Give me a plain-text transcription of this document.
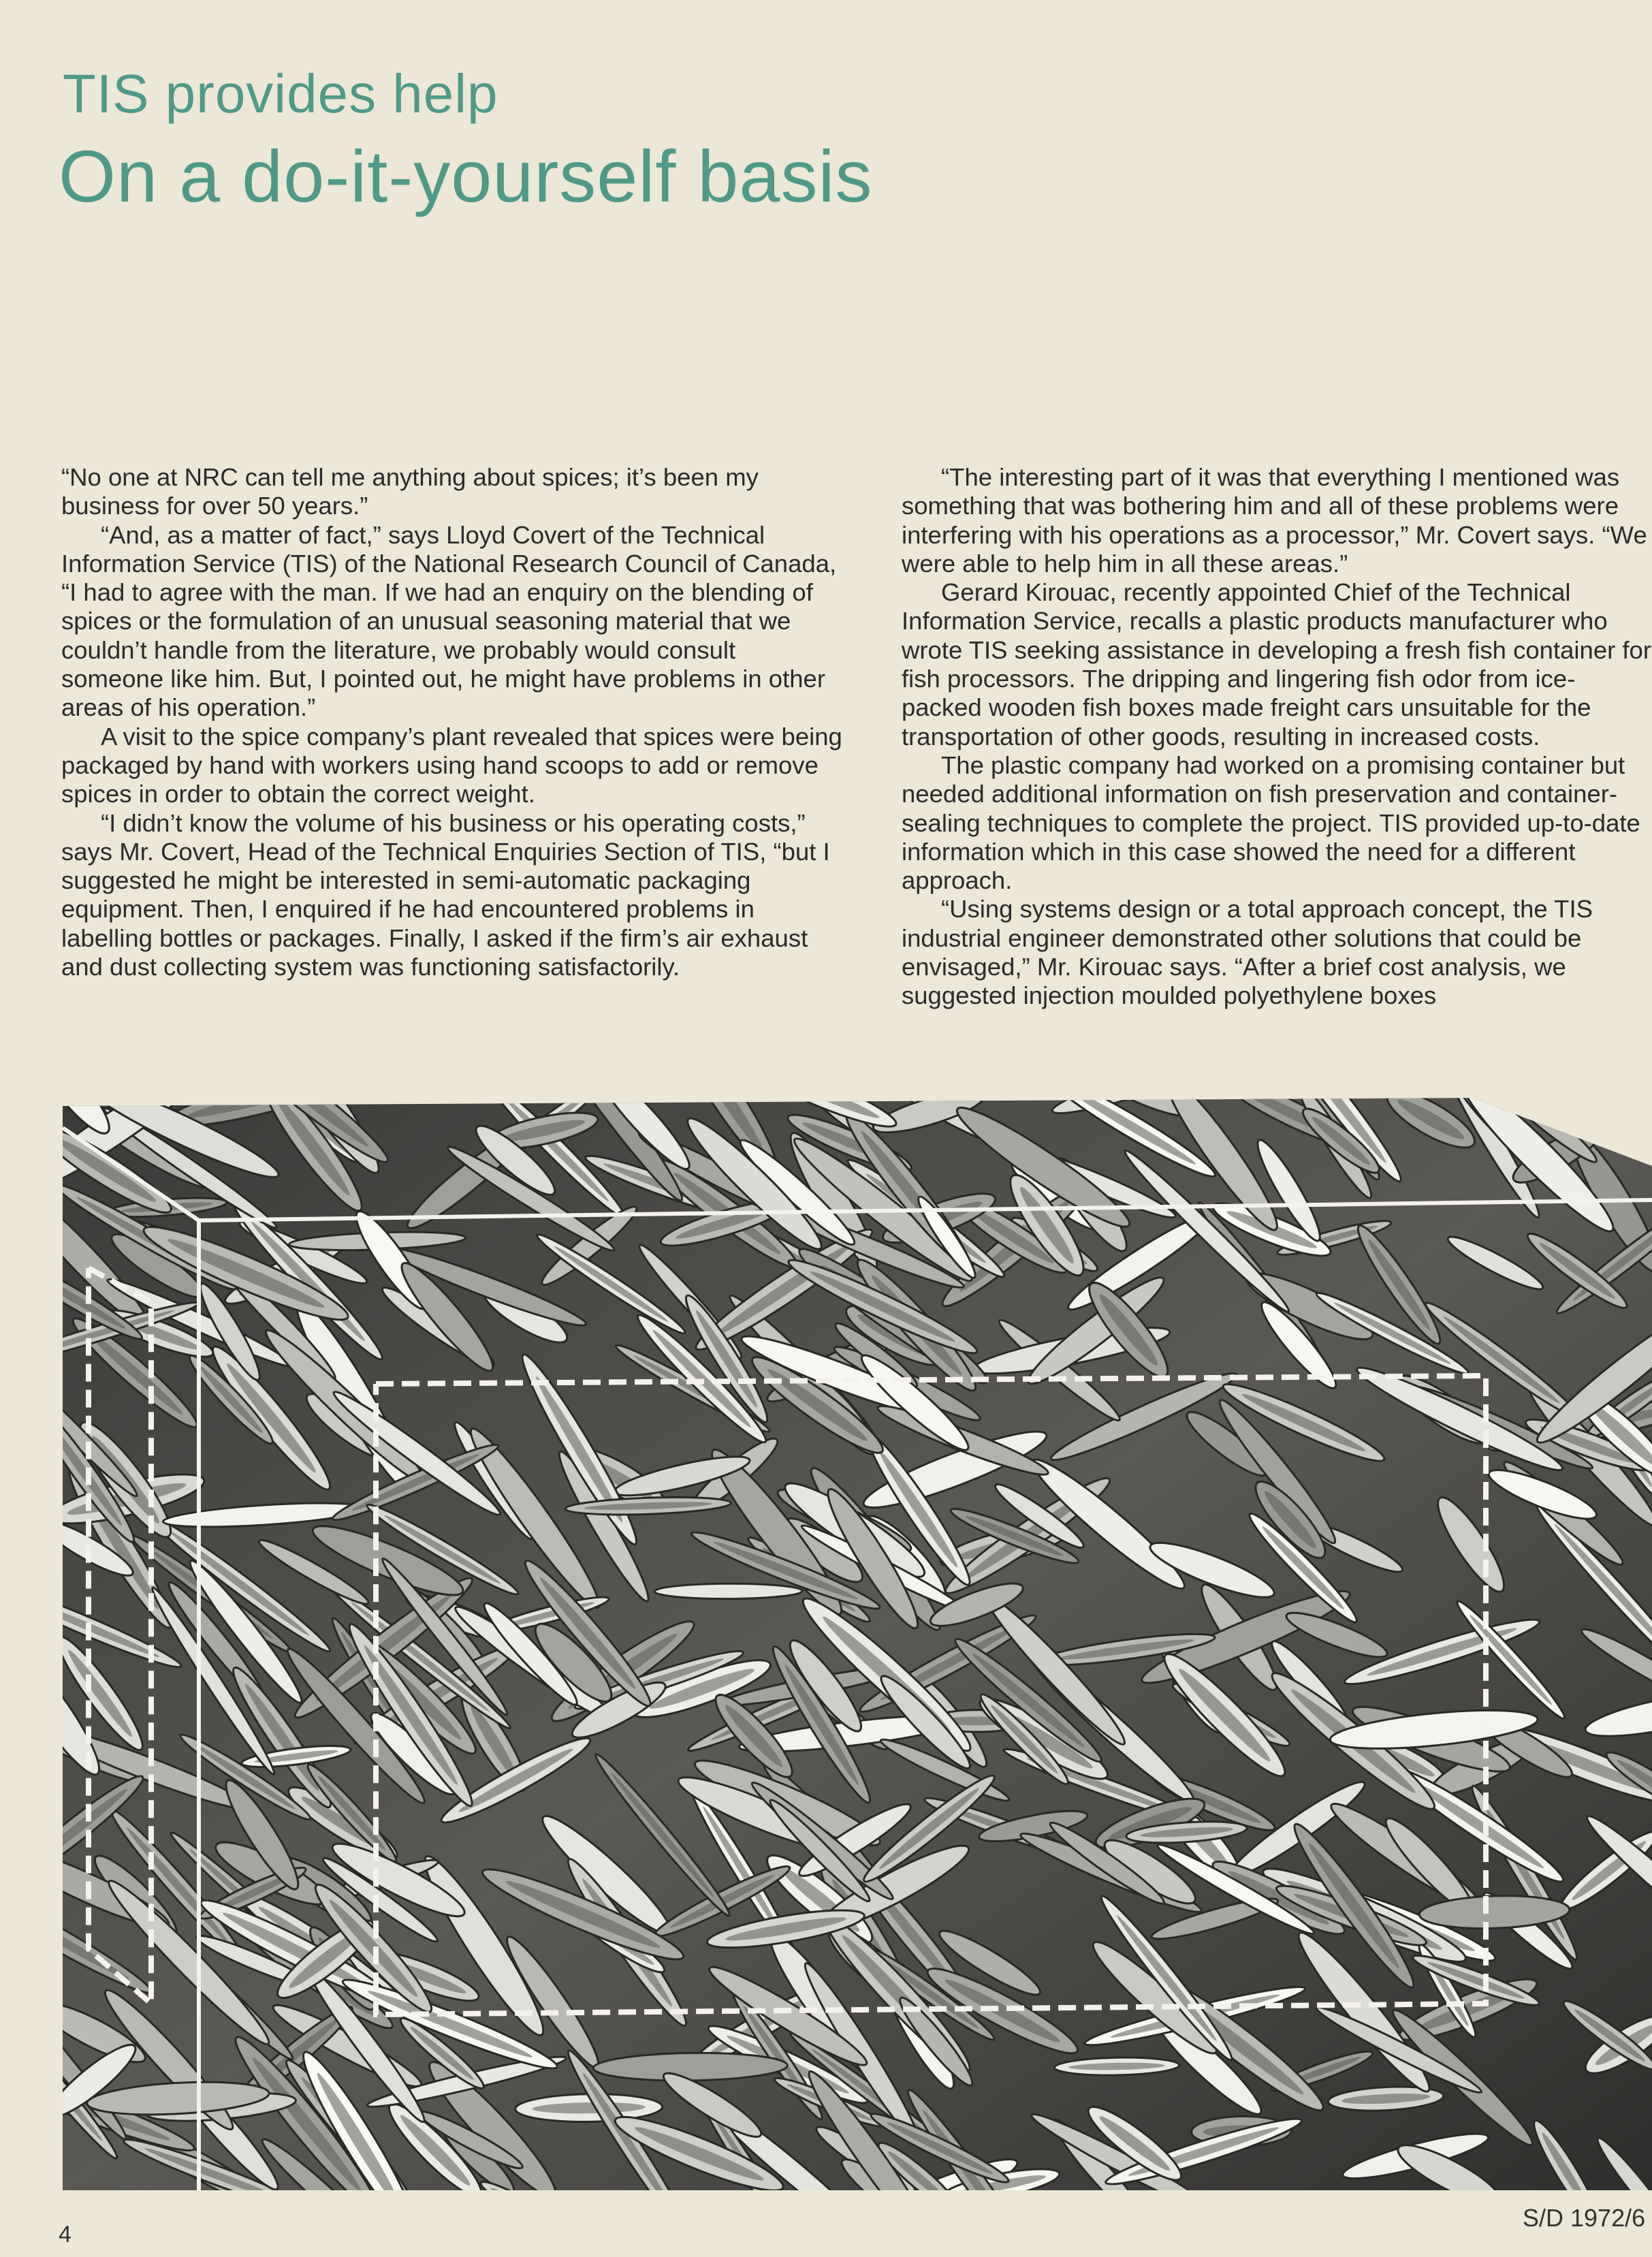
TIS provides help
On a do-it-yourself basis

“No one at NRC can tell me anything about spices; it’s been my business for over 50 years.”

“And, as a matter of fact,” says Lloyd Covert of the Technical Information Service (TIS) of the National Research Council of Canada, “I had to agree with the man. If we had an enquiry on the blending of spices or the formulation of an unusual seasoning material that we couldn’t handle from the literature, we probably would consult someone like him. But, I pointed out, he might have problems in other areas of his operation.”

A visit to the spice company’s plant revealed that spices were being packaged by hand with workers using hand scoops to add or remove spices in order to obtain the correct weight.

“I didn’t know the volume of his business or his operating costs,” says Mr. Covert, Head of the Technical Enquiries Section of TIS, “but I suggested he might be interested in semi-automatic packaging equipment. Then, I enquired if he had encountered problems in labelling bottles or packages. Finally, I asked if the firm’s air exhaust and dust collecting system was functioning satisfactorily.

“The interesting part of it was that everything I mentioned was something that was bothering him and all of these problems were interfering with his operations as a processor,” Mr. Covert says. “We were able to help him in all these areas.”

Gerard Kirouac, recently appointed Chief of the Technical Information Service, recalls a plastic products manufacturer who wrote TIS seeking assistance in developing a fresh fish container for fish processors. The dripping and lingering fish odor from ice-packed wooden fish boxes made freight cars unsuitable for the transportation of other goods, resulting in increased costs.

The plastic company had worked on a promising container but needed additional information on fish preservation and container-sealing techniques to complete the project. TIS provided up-to-date information which in this case showed the need for a different approach.

“Using systems design or a total approach concept, the TIS industrial engineer demonstrated other solutions that could be envisaged,” Mr. Kirouac says. “After a brief cost analysis, we suggested injection moulded polyethylene boxes

4
S/D 1972/6
